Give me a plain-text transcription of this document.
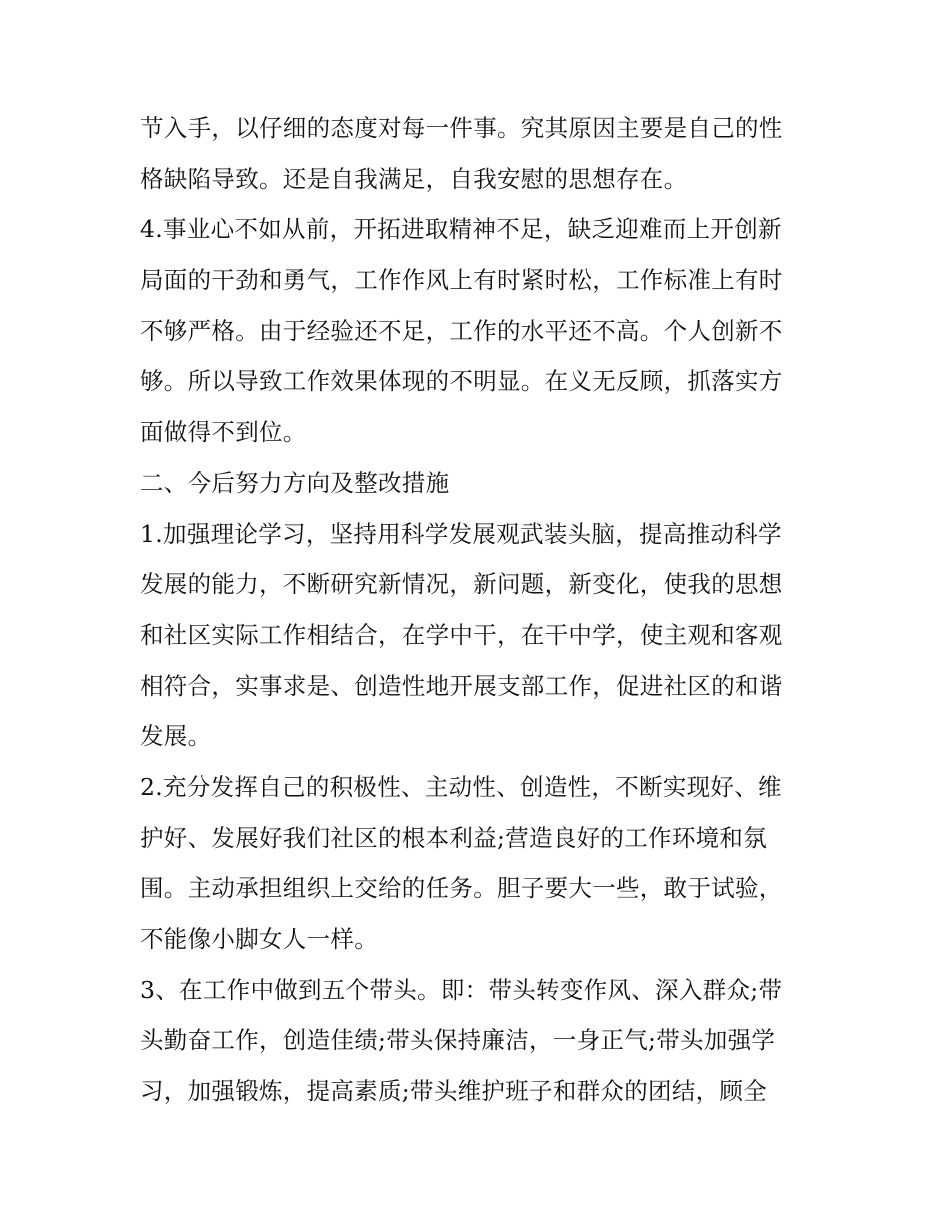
节入手，以仔细的态度对每一件事。究其原因主要是自己的性
格缺陷导致。还是自我满足，自我安慰的思想存在。
4.事业心不如从前，开拓进取精神不足，缺乏迎难而上开创新
局面的干劲和勇气，工作作风上有时紧时松，工作标准上有时
不够严格。由于经验还不足，工作的水平还不高。个人创新不
够。所以导致工作效果体现的不明显。在义无反顾，抓落实方
面做得不到位。
二、今后努力方向及整改措施
1.加强理论学习，坚持用科学发展观武装头脑，提高推动科学
发展的能力，不断研究新情况，新问题，新变化，使我的思想
和社区实际工作相结合，在学中干，在干中学，使主观和客观
相符合，实事求是、创造性地开展支部工作，促进社区的和谐
发展。
2.充分发挥自己的积极性、主动性、创造性，不断实现好、维
护好、发展好我们社区的根本利益;营造良好的工作环境和氛
围。主动承担组织上交给的任务。胆子要大一些，敢于试验，
不能像小脚女人一样。
3、在工作中做到五个带头。即：带头转变作风、深入群众;带
头勤奋工作，创造佳绩;带头保持廉洁，一身正气;带头加强学
习，加强锻炼，提高素质;带头维护班子和群众的团结，顾全
